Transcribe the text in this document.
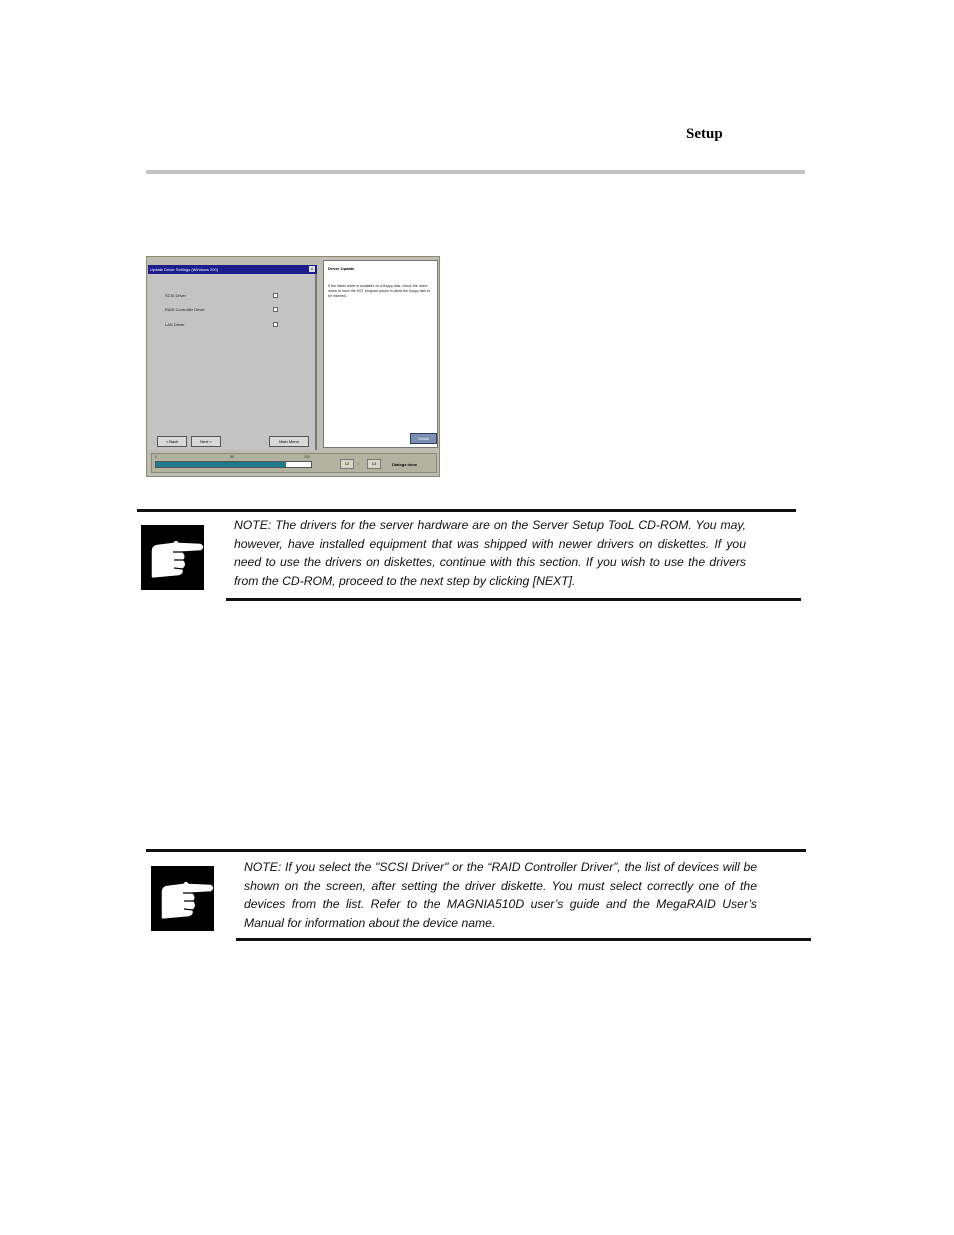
Setup
Update Driver Settings (Windows 200)	x
SCSI Driver
RAID Controller Driver
LAN Driver
< Back	Next >	Main Menu
Driver Update
If the latest driver is available on a floppy disk, check the driver name to have the SST program pause to allow the floppy disk to be inserted.
Detail
0	50	100
12	/	13	Dialogs done
NOTE: The drivers for the server hardware are on the Server Setup TooL CD-ROM. You may, however, have installed equipment that was shipped with newer drivers on diskettes. If you need to use the drivers on diskettes, continue with this section. If you wish to use the drivers from the CD-ROM, proceed to the next step by clicking [NEXT].
NOTE: If you select the "SCSI Driver" or the “RAID Controller Driver”, the list of devices will be shown on the screen, after setting the driver diskette. You must select correctly one of the devices from the list. Refer to the MAGNIA510D user’s guide and the MegaRAID User’s Manual for information about the device name.
